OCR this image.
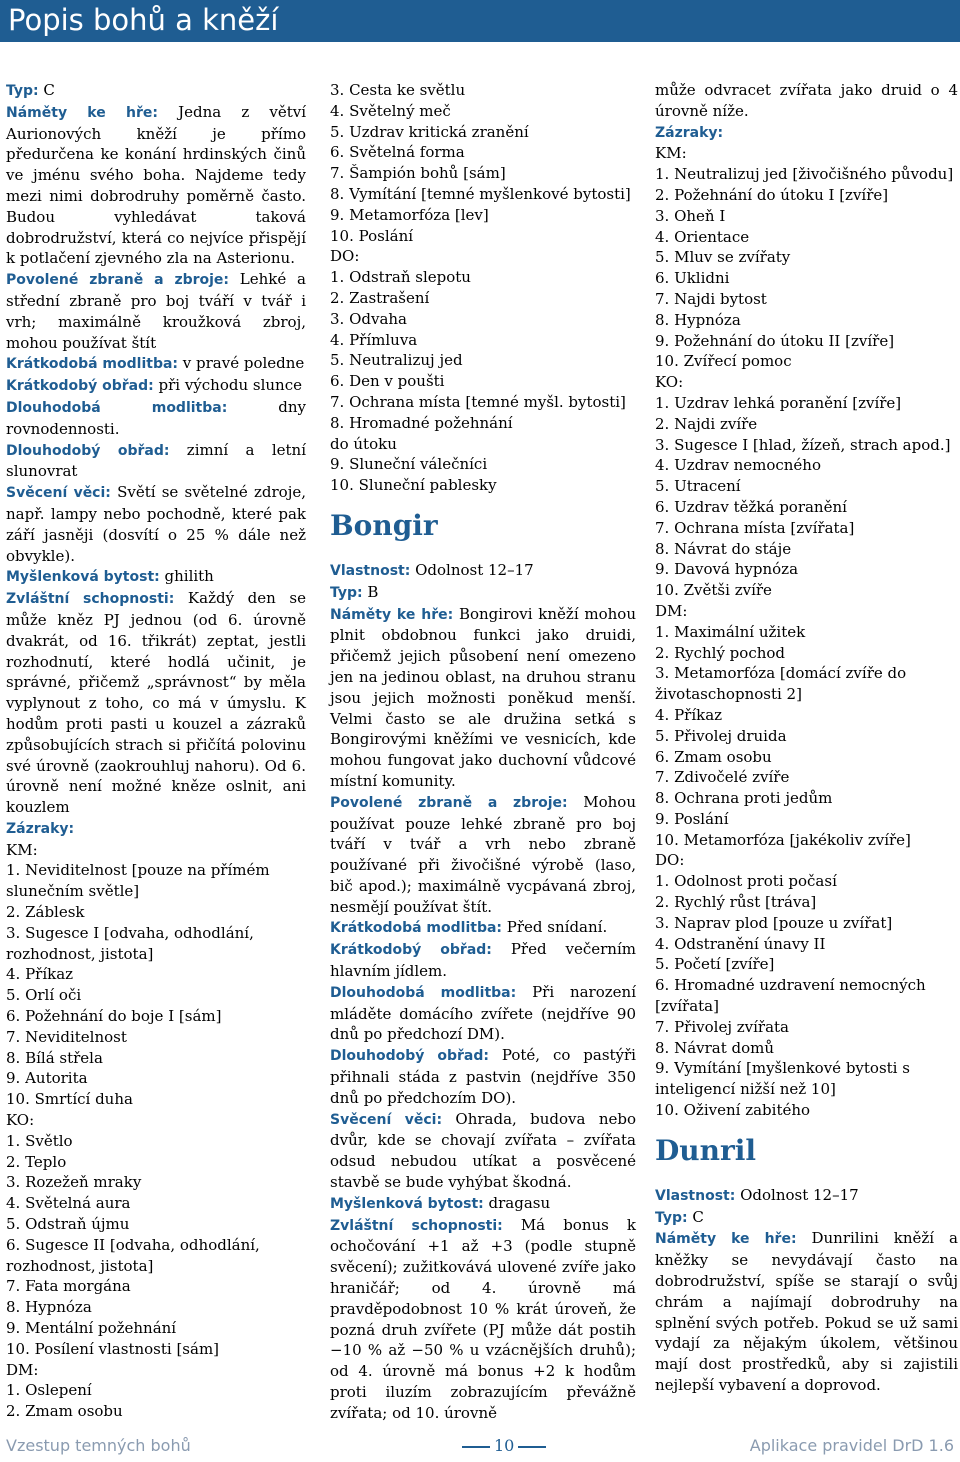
Popis bohů a kněží

Typ: C

Náměty ke hře: Jedna z větví Aurionových kněží je přímo předurčena ke konání hrdinských činů ve jménu svého boha. Najdeme tedy mezi nimi dobrodruhy poměrně často. Budou vyhledávat taková dobrodružství, která co nejvíce přispějí k potlačení zjevného zla na Asterionu.

Povolené zbraně a zbroje: Lehké a střední zbraně pro boj tváří v tvář i vrh; maximálně kroužková zbroj, mohou používat štít

Krátkodobá modlitba: v pravé poledne

Krátkodobý obřad: při východu slunce

Dlouhodobá modlitba: dny rovnodennosti.

Dlouhodobý obřad: zimní a letní slunovrat

Svěcení věci: Světí se světelné zdroje, např. lampy nebo pochodně, které pak září jasněji (dosvítí o 25 % dále než obvykle).

Myšlenková bytost: ghilith

Zvláštní schopnosti: Každý den se může kněz PJ jednou (od 6. úrovně dvakrát, od 16. třikrát) zeptat, jestli rozhodnutí, které hodlá učinit, je správné, přičemž „správnost“ by měla vyplynout z toho, co má v úmyslu. K hodům proti pasti u kouzel a zázraků způsobujících strach si přičítá polovinu své úrovně (zaokrouhluj nahoru). Od 6. úrovně není možné kněze oslnit, ani kouzlem

Zázraky:

KM:
1. Neviditelnost [pouze na přímém slunečním světle]
2. Záblesk
3. Sugesce I [odvaha, odhodlání, rozhodnost, jistota]
4. Příkaz
5. Orlí oči
6. Požehnání do boje I [sám]
7. Neviditelnost
8. Bílá střela
9. Autorita
10. Smrtící duha
KO:
1. Světlo
2. Teplo
3. Rozežeň mraky
4. Světelná aura
5. Odstraň újmu
6. Sugesce II [odvaha, odhodlání, rozhodnost, jistota]
7. Fata morgána
8. Hypnóza
9. Mentální požehnání
10. Posílení vlastnosti [sám]
DM:
1. Oslepení
2. Zmam osobu
3. Cesta ke světlu
4. Světelný meč
5. Uzdrav kritická zranění
6. Světelná forma
7. Šampión bohů [sám]
8. Vymítání [temné myšlenkové bytosti]
9. Metamorfóza [lev]
10. Poslání
DO:
1. Odstraň slepotu
2. Zastrašení
3. Odvaha
4. Přímluva
5. Neutralizuj jed
6. Den v poušti
7. Ochrana místa [temné myšl. bytosti]
8. Hromadné požehnání
do útoku
9. Sluneční válečníci
10. Sluneční pablesky
Bongir

Vlastnost: Odolnost 12–17

Typ: B

Náměty ke hře: Bongirovi kněží mohou plnit obdobnou funkci jako druidi, přičemž jejich působení není omezeno jen na jedinou oblast, na druhou stranu jsou jejich možnosti poněkud menší. Velmi často se ale družina setká s Bongirovými kněžími ve vesnicích, kde mohou fungovat jako duchovní vůdcové místní komunity.

Povolené zbraně a zbroje: Mohou používat pouze lehké zbraně pro boj tváří v tvář a vrh nebo zbraně používané při živočišné výrobě (laso, bič apod.); maximálně vycpávaná zbroj, nesmějí používat štít.

Krátkodobá modlitba: Před snídaní.

Krátkodobý obřad: Před večerním hlavním jídlem.

Dlouhodobá modlitba: Při narození mláděte domácího zvířete (nejdříve 90 dnů po předchozí DM).

Dlouhodobý obřad: Poté, co pastýři přihnali stáda z pastvin (nejdříve 350 dnů po předchozím DO).

Svěcení věci: Ohrada, budova nebo dvůr, kde se chovají zvířata – zvířata odsud nebudou utíkat a posvěcené stavbě se bude vyhýbat škodná.

Myšlenková bytost: dragasu

Zvláštní schopnosti: Má bonus k ochočování +1 až +3 (podle stupně svěcení); zužitkovává ulovené zvíře jako hraničář; od 4. úrovně má pravděpodobnost 10 % krát úroveň, že pozná druh zvířete (PJ může dát postih −10 % až −50 % u vzácnějších druhů); od 4. úrovně má bonus +2 k hodům proti iluzím zobrazujícím převážně zvířata; od 10. úrovně

může odvracet zvířata jako druid o 4 úrovně níže.

Zázraky:

KM:
1. Neutralizuj jed [živočišného původu]
2. Požehnání do útoku I [zvíře]
3. Oheň I
4. Orientace
5. Mluv se zvířaty
6. Uklidni
7. Najdi bytost
8. Hypnóza
9. Požehnání do útoku II [zvíře]
10. Zvířecí pomoc
KO:
1. Uzdrav lehká poranění [zvíře]
2. Najdi zvíře
3. Sugesce I [hlad, žízeň, strach apod.]
4. Uzdrav nemocného
5. Utracení
6. Uzdrav těžká poranění
7. Ochrana místa [zvířata]
8. Návrat do stáje
9. Davová hypnóza
10. Zvětši zvíře
DM:
1. Maximální užitek
2. Rychlý pochod
3. Metamorfóza [domácí zvíře do životaschopnosti 2]
4. Příkaz
5. Přivolej druida
6. Zmam osobu
7. Zdivočelé zvíře
8. Ochrana proti jedům
9. Poslání
10. Metamorfóza [jakékoliv zvíře]
DO:
1. Odolnost proti počasí
2. Rychlý růst [tráva]
3. Naprav plod [pouze u zvířat]
4. Odstranění únavy II
5. Početí [zvíře]
6. Hromadné uzdravení nemocných [zvířata]
7. Přivolej zvířata
8. Návrat domů
9. Vymítání [myšlenkové bytosti s inteligencí nižší než 10]
10. Oživení zabitého
Dunril

Vlastnost: Odolnost 12–17

Typ: C

Náměty ke hře: Dunrilini kněží a kněžky se nevydávají často na dobrodružství, spíše se starají o svůj chrám a najímají dobrodruhy na splnění svých potřeb. Pokud se už sami vydají za nějakým úkolem, většinou mají dost prostředků, aby si zajistili nejlepší vybavení a doprovod.

Vzestup temných bohů	10	Aplikace pravidel DrD 1.6
